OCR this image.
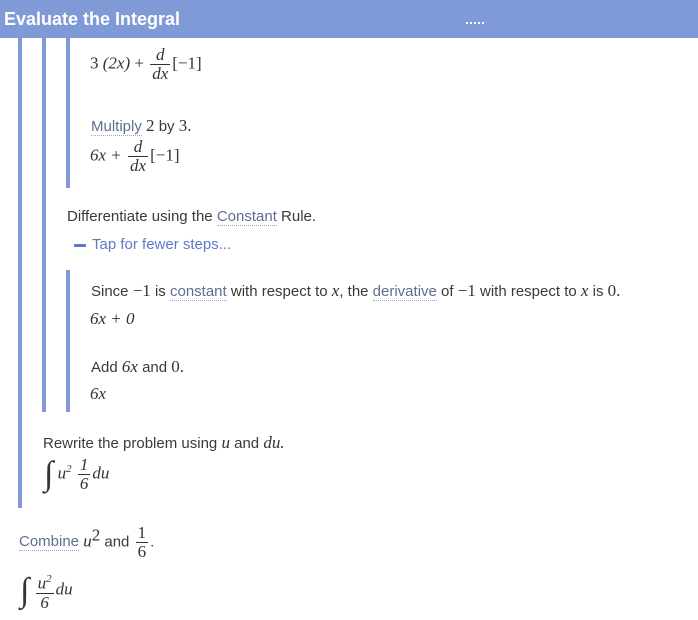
Evaluate the Integral
3 $(2x) + \frac{d}{dx} [-1]$
Multiply 2 by 3.
$6x + \frac{d}{dx} [-1]$
Differentiate using the Constant Rule.
Tap for fewer steps...
Since −1 is constant with respect to x, the derivative of −1 with respect to x is 0.
6x + 0
Add 6x and 0.
6x
Rewrite the problem using u and du.
∫ $u^2 \frac{1}{6}$ du
Combine $u^2$ and $\frac{1}{6}$ .
∫ $\frac{u^2}{6}$ du
